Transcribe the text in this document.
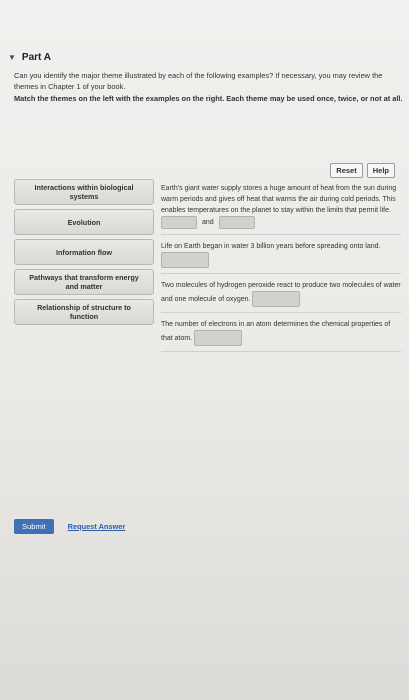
▼ Part A
Can you identify the major theme illustrated by each of the following examples? If necessary, you may review the themes in Chapter 1 of your book.
Match the themes on the left with the examples on the right. Each theme may be used once, twice, or not at all.
Reset	Help
Interactions within biological systems
Evolution
Information flow
Pathways that transform energy and matter
Relationship of structure to function
Earth's giant water supply stores a huge amount of heat from the sun during warm periods and gives off heat that warms the air during cold periods. This enables temperatures on the planet to stay within the limits that permit life.  and
Life on Earth began in water 3 billion years before spreading onto land.
Two molecules of hydrogen peroxide react to produce two molecules of water and one molecule of oxygen.
The number of electrons in an atom determines the chemical properties of that atom.
Submit	Request Answer
